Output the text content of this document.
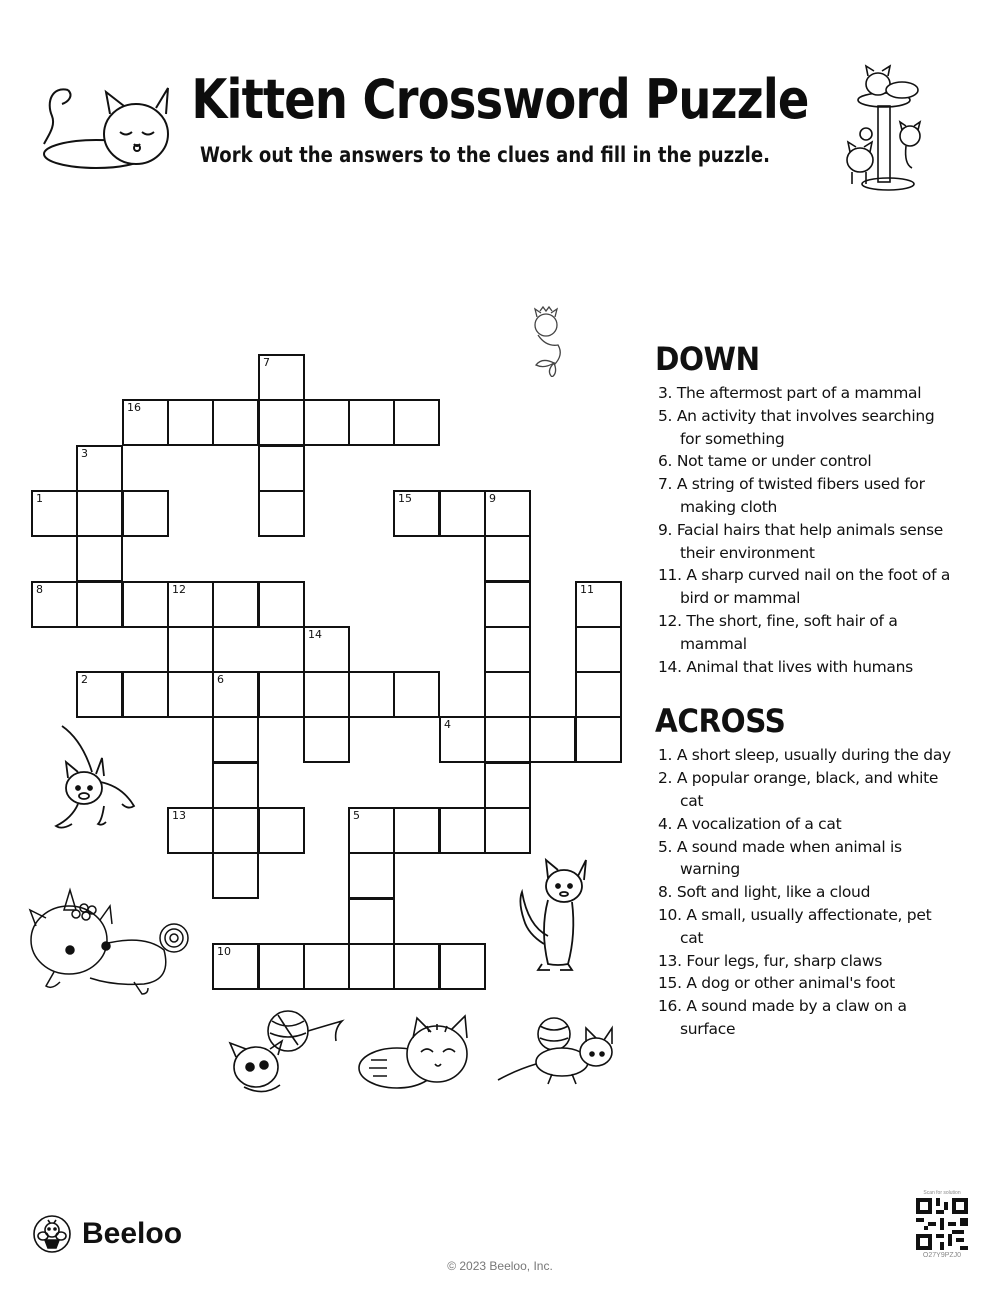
Kitten Crossword Puzzle
Work out the answers to the clues and fill in the puzzle.
1
2	6
3
4
5
7
8	12
9
10
11
13
14
15
16
DOWN
3. The aftermost part of a mammal
5. An activity that involves searching for something
6. Not tame or under control
7. A string of twisted fibers used for making cloth
9. Facial hairs that help animals sense their environment
11. A sharp curved nail on the foot of a bird or mammal
12. The short, fine, soft hair of a mammal
14. Animal that lives with humans
ACROSS
1. A short sleep, usually during the day
2. A popular orange, black, and white cat
4. A vocalization of a cat
5. A sound made when animal is warning
8. Soft and light, like a cloud
10. A small, usually affectionate, pet cat
13. Four legs, fur, sharp claws
15. A dog or other animal's foot
16. A sound made by a claw on a surface
Beeloo
© 2023 Beeloo, Inc.
Scan for solution
O27Y9PZJ0
